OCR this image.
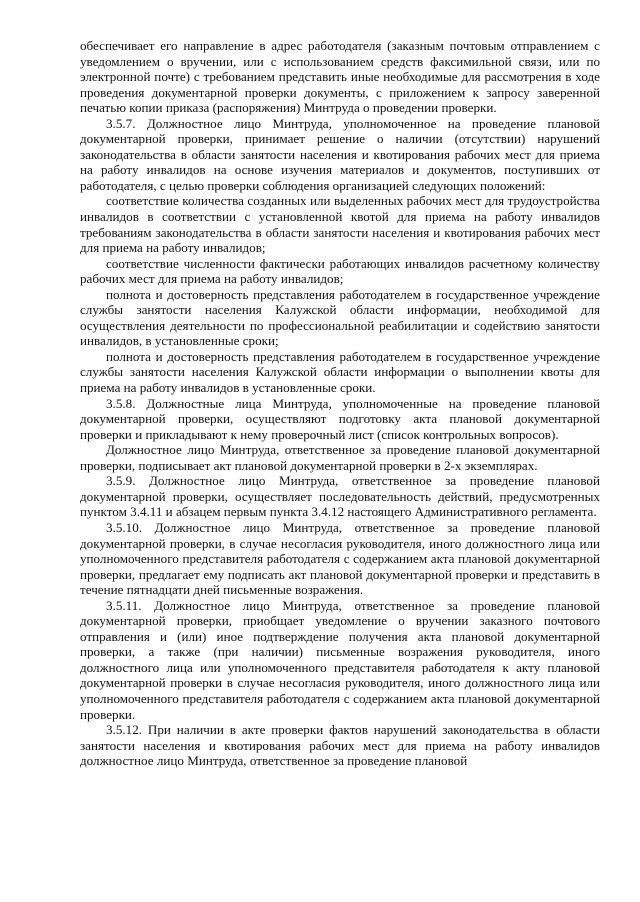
обеспечивает его направление в адрес работодателя (заказным почтовым отправлением с уведомлением о вручении, или с использованием средств факсимильной связи, или по электронной почте) с требованием представить иные необходимые для рассмотрения в ходе проведения документарной проверки документы, с приложением к запросу заверенной печатью копии приказа (распоряжения) Минтруда о проведении проверки.

3.5.7. Должностное лицо Минтруда, уполномоченное на проведение плановой документарной проверки, принимает решение о наличии (отсутствии) нарушений законодательства в области занятости населения и квотирования рабочих мест для приема на работу инвалидов на основе изучения материалов и документов, поступивших от работодателя, с целью проверки соблюдения организацией следующих положений:

соответствие количества созданных или выделенных рабочих мест для трудоустройства инвалидов в соответствии с установленной квотой для приема на работу инвалидов требованиям законодательства в области занятости населения и квотирования рабочих мест для приема на работу инвалидов;

соответствие численности фактически работающих инвалидов расчетному количеству рабочих мест для приема на работу инвалидов;

полнота и достоверность представления работодателем в государственное учреждение службы занятости населения Калужской области информации, необходимой для осуществления деятельности по профессиональной реабилитации и содействию занятости инвалидов, в установленные сроки;

полнота и достоверность представления работодателем в государственное учреждение службы занятости населения Калужской области информации о выполнении квоты для приема на работу инвалидов в установленные сроки.

3.5.8. Должностные лица Минтруда, уполномоченные на проведение плановой документарной проверки, осуществляют подготовку акта плановой документарной проверки и прикладывают к нему проверочный лист (список контрольных вопросов).

Должностное лицо Минтруда, ответственное за проведение плановой документарной проверки, подписывает акт плановой документарной проверки в 2-х экземплярах.

3.5.9. Должностное лицо Минтруда, ответственное за проведение плановой документарной проверки, осуществляет последовательность действий, предусмотренных пунктом 3.4.11 и абзацем первым пункта 3.4.12 настоящего Административного регламента.

3.5.10. Должностное лицо Минтруда, ответственное за проведение плановой документарной проверки, в случае несогласия руководителя, иного должностного лица или уполномоченного представителя работодателя с содержанием акта плановой документарной проверки, предлагает ему подписать акт плановой документарной проверки и представить в течение пятнадцати дней письменные возражения.

3.5.11. Должностное лицо Минтруда, ответственное за проведение плановой документарной проверки, приобщает уведомление о вручении заказного почтового отправления и (или) иное подтверждение получения акта плановой документарной проверки, а также (при наличии) письменные возражения руководителя, иного должностного лица или уполномоченного представителя работодателя к акту плановой документарной проверки в случае несогласия руководителя, иного должностного лица или уполномоченного представителя работодателя с содержанием акта плановой документарной проверки.

3.5.12. При наличии в акте проверки фактов нарушений законодательства в области занятости населения и квотирования рабочих мест для приема на работу инвалидов должностное лицо Минтруда, ответственное за проведение плановой
